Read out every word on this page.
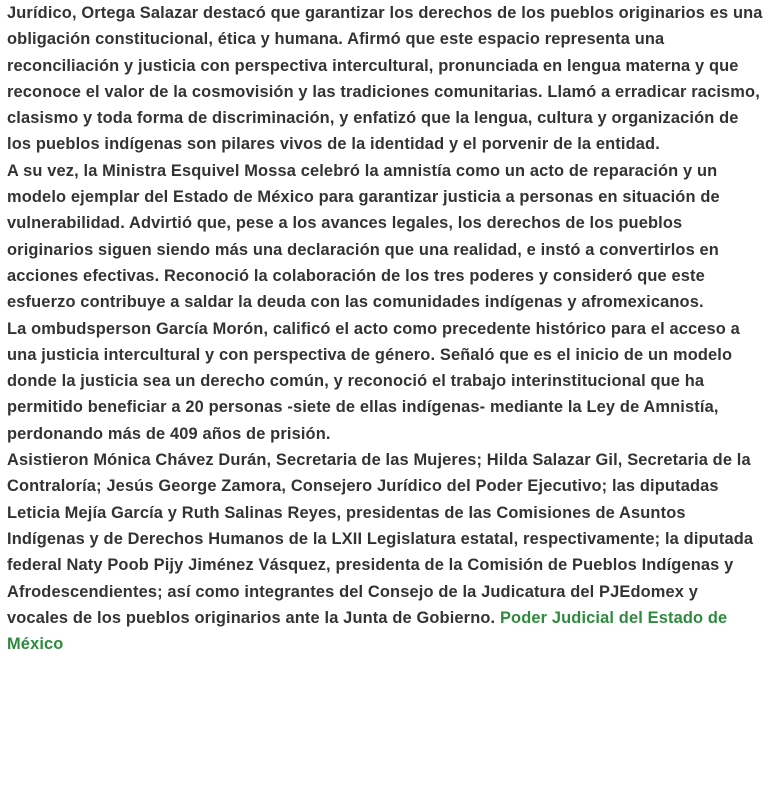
Jurídico, Ortega Salazar destacó que garantizar los derechos de los pueblos originarios es una obligación constitucional, ética y humana. Afirmó que este espacio representa una reconciliación y justicia con perspectiva intercultural, pronunciada en lengua materna y que reconoce el valor de la cosmovisión y las tradiciones comunitarias. Llamó a erradicar racismo, clasismo y toda forma de discriminación, y enfatizó que la lengua, cultura y organización de los pueblos indígenas son pilares vivos de la identidad y el porvenir de la entidad.

A su vez, la Ministra Esquivel Mossa celebró la amnistía como un acto de reparación y un modelo ejemplar del Estado de México para garantizar justicia a personas en situación de vulnerabilidad. Advirtió que, pese a los avances legales, los derechos de los pueblos originarios siguen siendo más una declaración que una realidad, e instó a convertirlos en acciones efectivas. Reconoció la colaboración de los tres poderes y consideró que este esfuerzo contribuye a saldar la deuda con las comunidades indígenas y afromexicanos.

La ombudsperson García Morón, calificó el acto como precedente histórico para el acceso a una justicia intercultural y con perspectiva de género. Señaló que es el inicio de un modelo donde la justicia sea un derecho común, y reconoció el trabajo interinstitucional que ha permitido beneficiar a 20 personas -siete de ellas indígenas- mediante la Ley de Amnistía, perdonando más de 409 años de prisión.

Asistieron Mónica Chávez Durán, Secretaria de las Mujeres; Hilda Salazar Gil, Secretaria de la Contraloría; Jesús George Zamora, Consejero Jurídico del Poder Ejecutivo; las diputadas Leticia Mejía García y Ruth Salinas Reyes, presidentas de las Comisiones de Asuntos Indígenas y de Derechos Humanos de la LXII Legislatura estatal, respectivamente; la diputada federal Naty Poob Pijy Jiménez Vásquez, presidenta de la Comisión de Pueblos Indígenas y Afrodescendientes; así como integrantes del Consejo de la Judicatura del PJEdomex y vocales de los pueblos originarios ante la Junta de Gobierno. Poder Judicial del Estado de México
